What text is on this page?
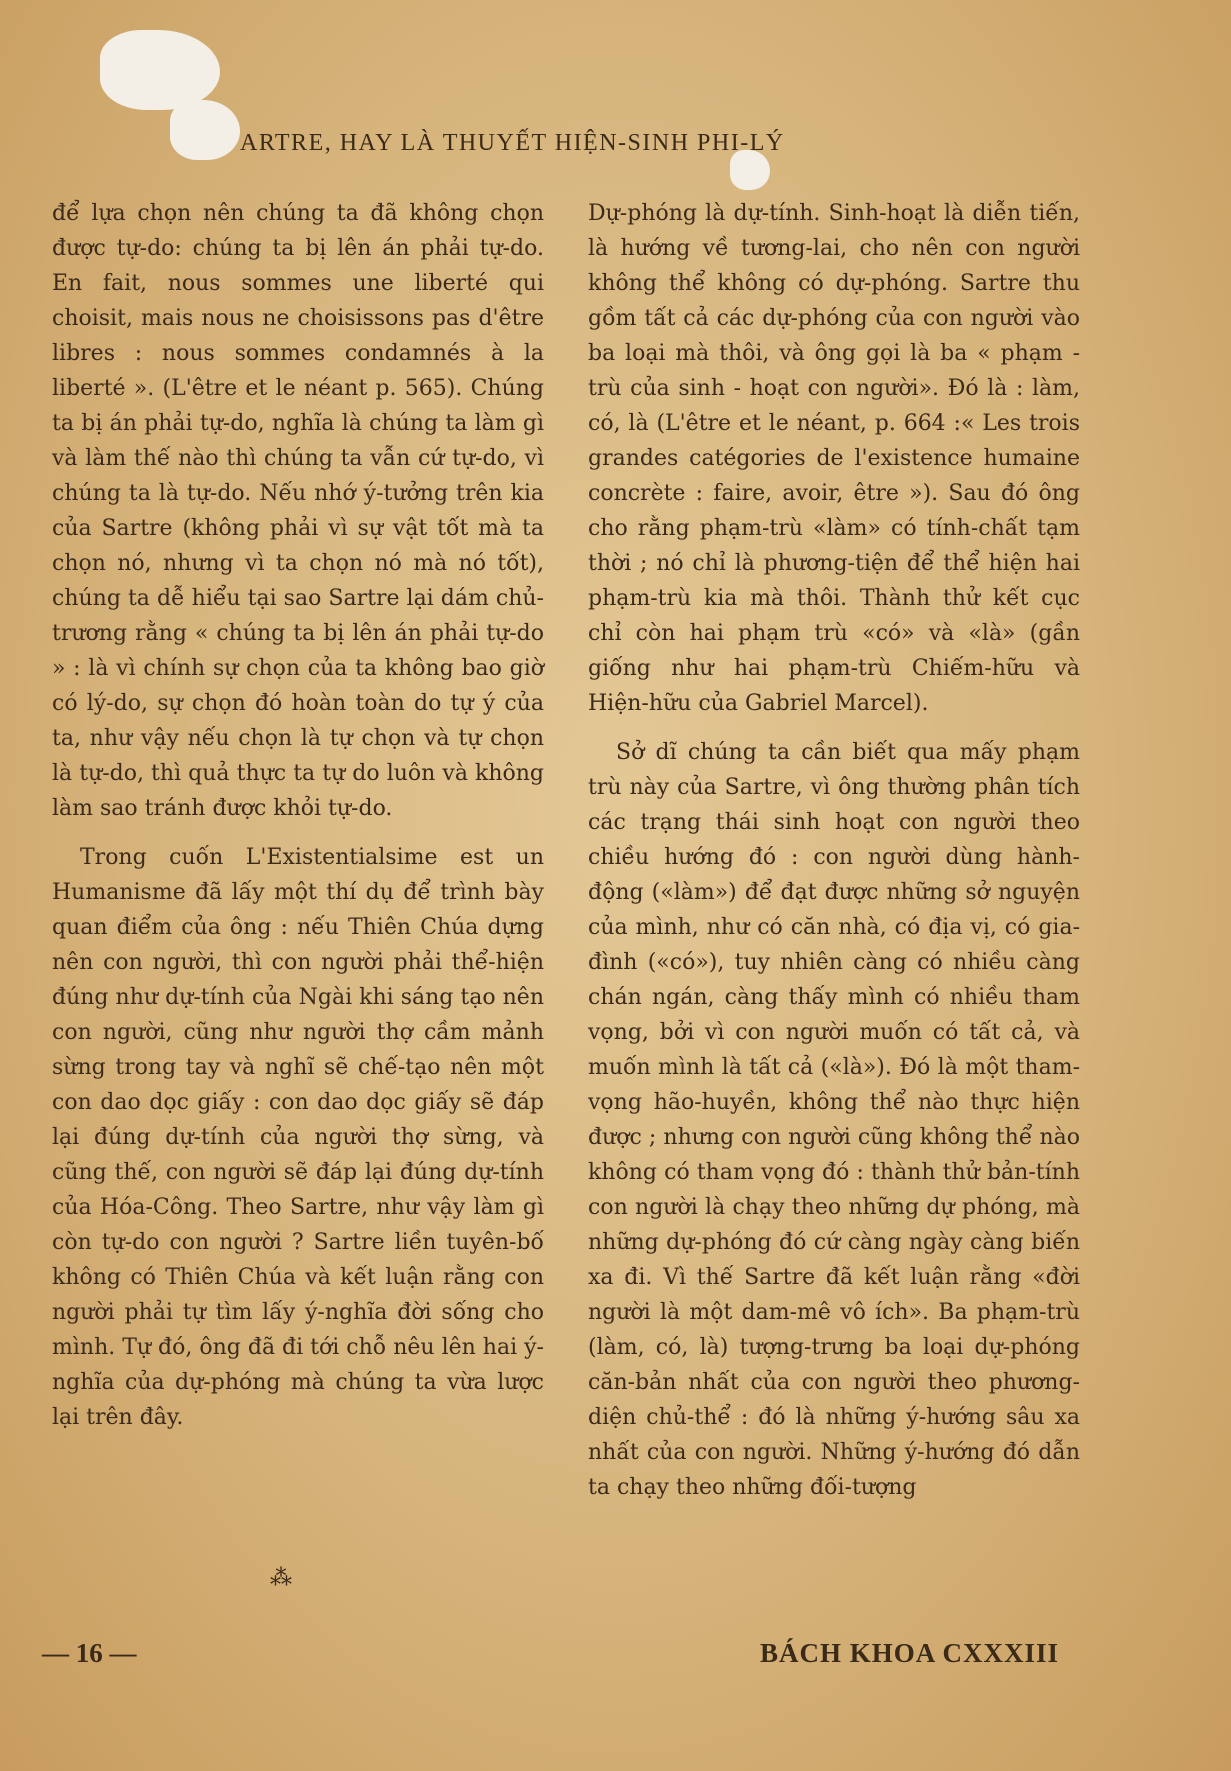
ARTRE, HAY LÀ THUYẾT HIỆN-SINH PHI-LÝ

để lựa chọn nên chúng ta đã không chọn được tự-do: chúng ta bị lên án phải tự-do. En fait, nous sommes une liberté qui choisit, mais nous ne choisissons pas d'être libres : nous sommes condamnés à la liberté ». (L'être et le néant p. 565). Chúng ta bị án phải tự-do, nghĩa là chúng ta làm gì và làm thế nào thì chúng ta vẫn cứ tự-do, vì chúng ta là tự-do. Nếu nhớ ý-tưởng trên kia của Sartre (không phải vì sự vật tốt mà ta chọn nó, nhưng vì ta chọn nó mà nó tốt), chúng ta dễ hiểu tại sao Sartre lại dám chủ-trương rằng « chúng ta bị lên án phải tự-do » : là vì chính sự chọn của ta không bao giờ có lý-do, sự chọn đó hoàn toàn do tự ý của ta, như vậy nếu chọn là tự chọn và tự chọn là tự-do, thì quả thực ta tự do luôn và không làm sao tránh được khỏi tự-do.

Trong cuốn L'Existentialsime est un Humanisme đã lấy một thí dụ để trình bày quan điểm của ông : nếu Thiên Chúa dựng nên con người, thì con người phải thể-hiện đúng như dự-tính của Ngài khi sáng tạo nên con người, cũng như người thợ cầm mảnh sừng trong tay và nghĩ sẽ chế-tạo nên một con dao dọc giấy : con dao dọc giấy sẽ đáp lại đúng dự-tính của người thợ sừng, và cũng thế, con người sẽ đáp lại đúng dự-tính của Hóa-Công. Theo Sartre, như vậy làm gì còn tự-do con người ? Sartre liền tuyên-bố không có Thiên Chúa và kết luận rằng con người phải tự tìm lấy ý-nghĩa đời sống cho mình. Tự đó, ông đã đi tới chỗ nêu lên hai ý-nghĩa của dự-phóng mà chúng ta vừa lược lại trên đây.

Dự-phóng là dự-tính. Sinh-hoạt là diễn tiến, là hướng về tương-lai, cho nên con người không thể không có dự-phóng. Sartre thu gồm tất cả các dự-phóng của con người vào ba loại mà thôi, và ông gọi là ba « phạm - trù của sinh - hoạt con người». Đó là : làm, có, là (L'être et le néant, p. 664 :« Les trois grandes catégories de l'existence humaine concrète : faire, avoir, être »). Sau đó ông cho rằng phạm-trù «làm» có tính-chất tạm thời ; nó chỉ là phương-tiện để thể hiện hai phạm-trù kia mà thôi. Thành thử kết cục chỉ còn hai phạm trù «có» và «là» (gần giống như hai phạm-trù Chiếm-hữu và Hiện-hữu của Gabriel Marcel).

Sở dĩ chúng ta cần biết qua mấy phạm trù này của Sartre, vì ông thường phân tích các trạng thái sinh hoạt con người theo chiều hướng đó : con người dùng hành-động («làm») để đạt được những sở nguyện của mình, như có căn nhà, có địa vị, có gia-đình («có»), tuy nhiên càng có nhiều càng chán ngán, càng thấy mình có nhiều tham vọng, bởi vì con người muốn có tất cả, và muốn mình là tất cả («là»). Đó là một tham-vọng hão-huyền, không thể nào thực hiện được ; nhưng con người cũng không thể nào không có tham vọng đó : thành thử bản-tính con người là chạy theo những dự phóng, mà những dự-phóng đó cứ càng ngày càng biến xa đi. Vì thế Sartre đã kết luận rằng «đời người là một dam-mê vô ích». Ba phạm-trù (làm, có, là) tượng-trưng ba loại dự-phóng căn-bản nhất của con người theo phương-diện chủ-thể : đó là những ý-hướng sâu xa nhất của con người. Những ý-hướng đó dẫn ta chạy theo những đối-tượng

⁂
— 16 —	BÁCH KHOA CXXXIII
